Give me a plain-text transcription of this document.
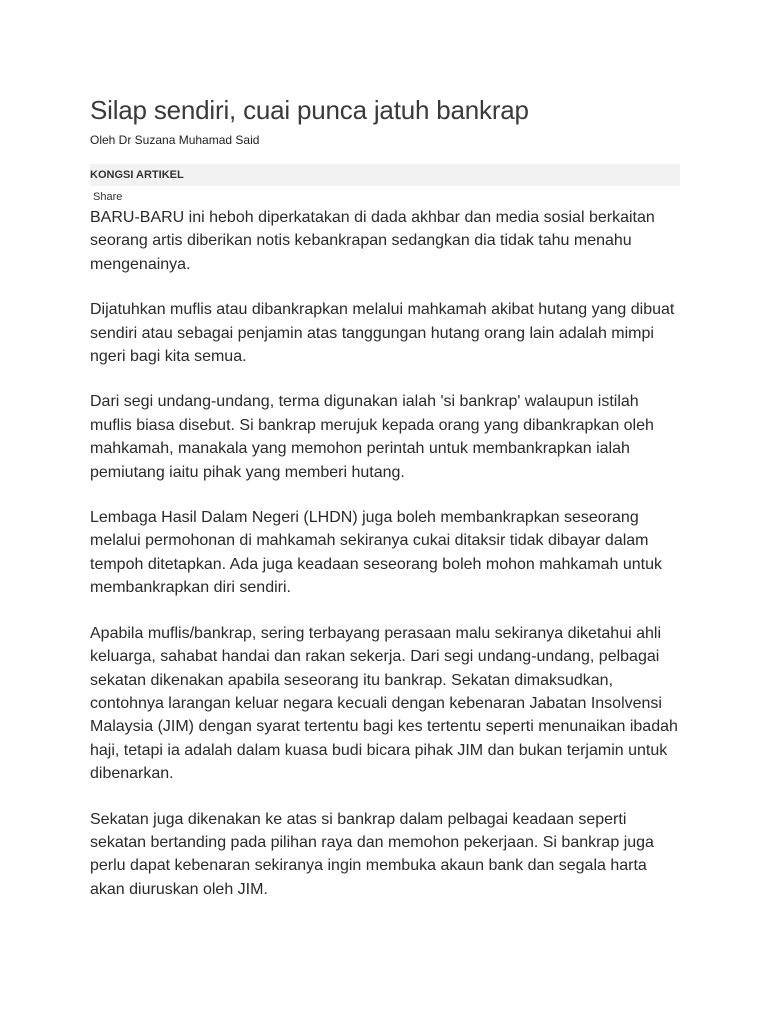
Silap sendiri, cuai punca jatuh bankrap
Oleh Dr Suzana Muhamad Said
KONGSI ARTIKEL
Share

BARU-BARU ini heboh diperkatakan di dada akhbar dan media sosial berkaitan seorang artis diberikan notis kebankrapan sedangkan dia tidak tahu menahu mengenainya.

Dijatuhkan muflis atau dibankrapkan melalui mahkamah akibat hutang yang dibuat sendiri atau sebagai penjamin atas tanggungan hutang orang lain adalah mimpi ngeri bagi kita semua.

Dari segi undang-undang, terma digunakan ialah 'si bankrap' walaupun istilah muflis biasa disebut. Si bankrap merujuk kepada orang yang dibankrapkan oleh mahkamah, manakala yang memohon perintah untuk membankrapkan ialah pemiutang iaitu pihak yang memberi hutang.

Lembaga Hasil Dalam Negeri (LHDN) juga boleh membankrapkan seseorang melalui permohonan di mahkamah sekiranya cukai ditaksir tidak dibayar dalam tempoh ditetapkan. Ada juga keadaan seseorang boleh mohon mahkamah untuk membankrapkan diri sendiri.

Apabila muflis/bankrap, sering terbayang perasaan malu sekiranya diketahui ahli keluarga, sahabat handai dan rakan sekerja. Dari segi undang-undang, pelbagai sekatan dikenakan apabila seseorang itu bankrap. Sekatan dimaksudkan, contohnya larangan keluar negara kecuali dengan kebenaran Jabatan Insolvensi Malaysia (JIM) dengan syarat tertentu bagi kes tertentu seperti menunaikan ibadah haji, tetapi ia adalah dalam kuasa budi bicara pihak JIM dan bukan terjamin untuk dibenarkan.

Sekatan juga dikenakan ke atas si bankrap dalam pelbagai keadaan seperti sekatan bertanding pada pilihan raya dan memohon pekerjaan. Si bankrap juga perlu dapat kebenaran sekiranya ingin membuka akaun bank dan segala harta akan diuruskan oleh JIM.
